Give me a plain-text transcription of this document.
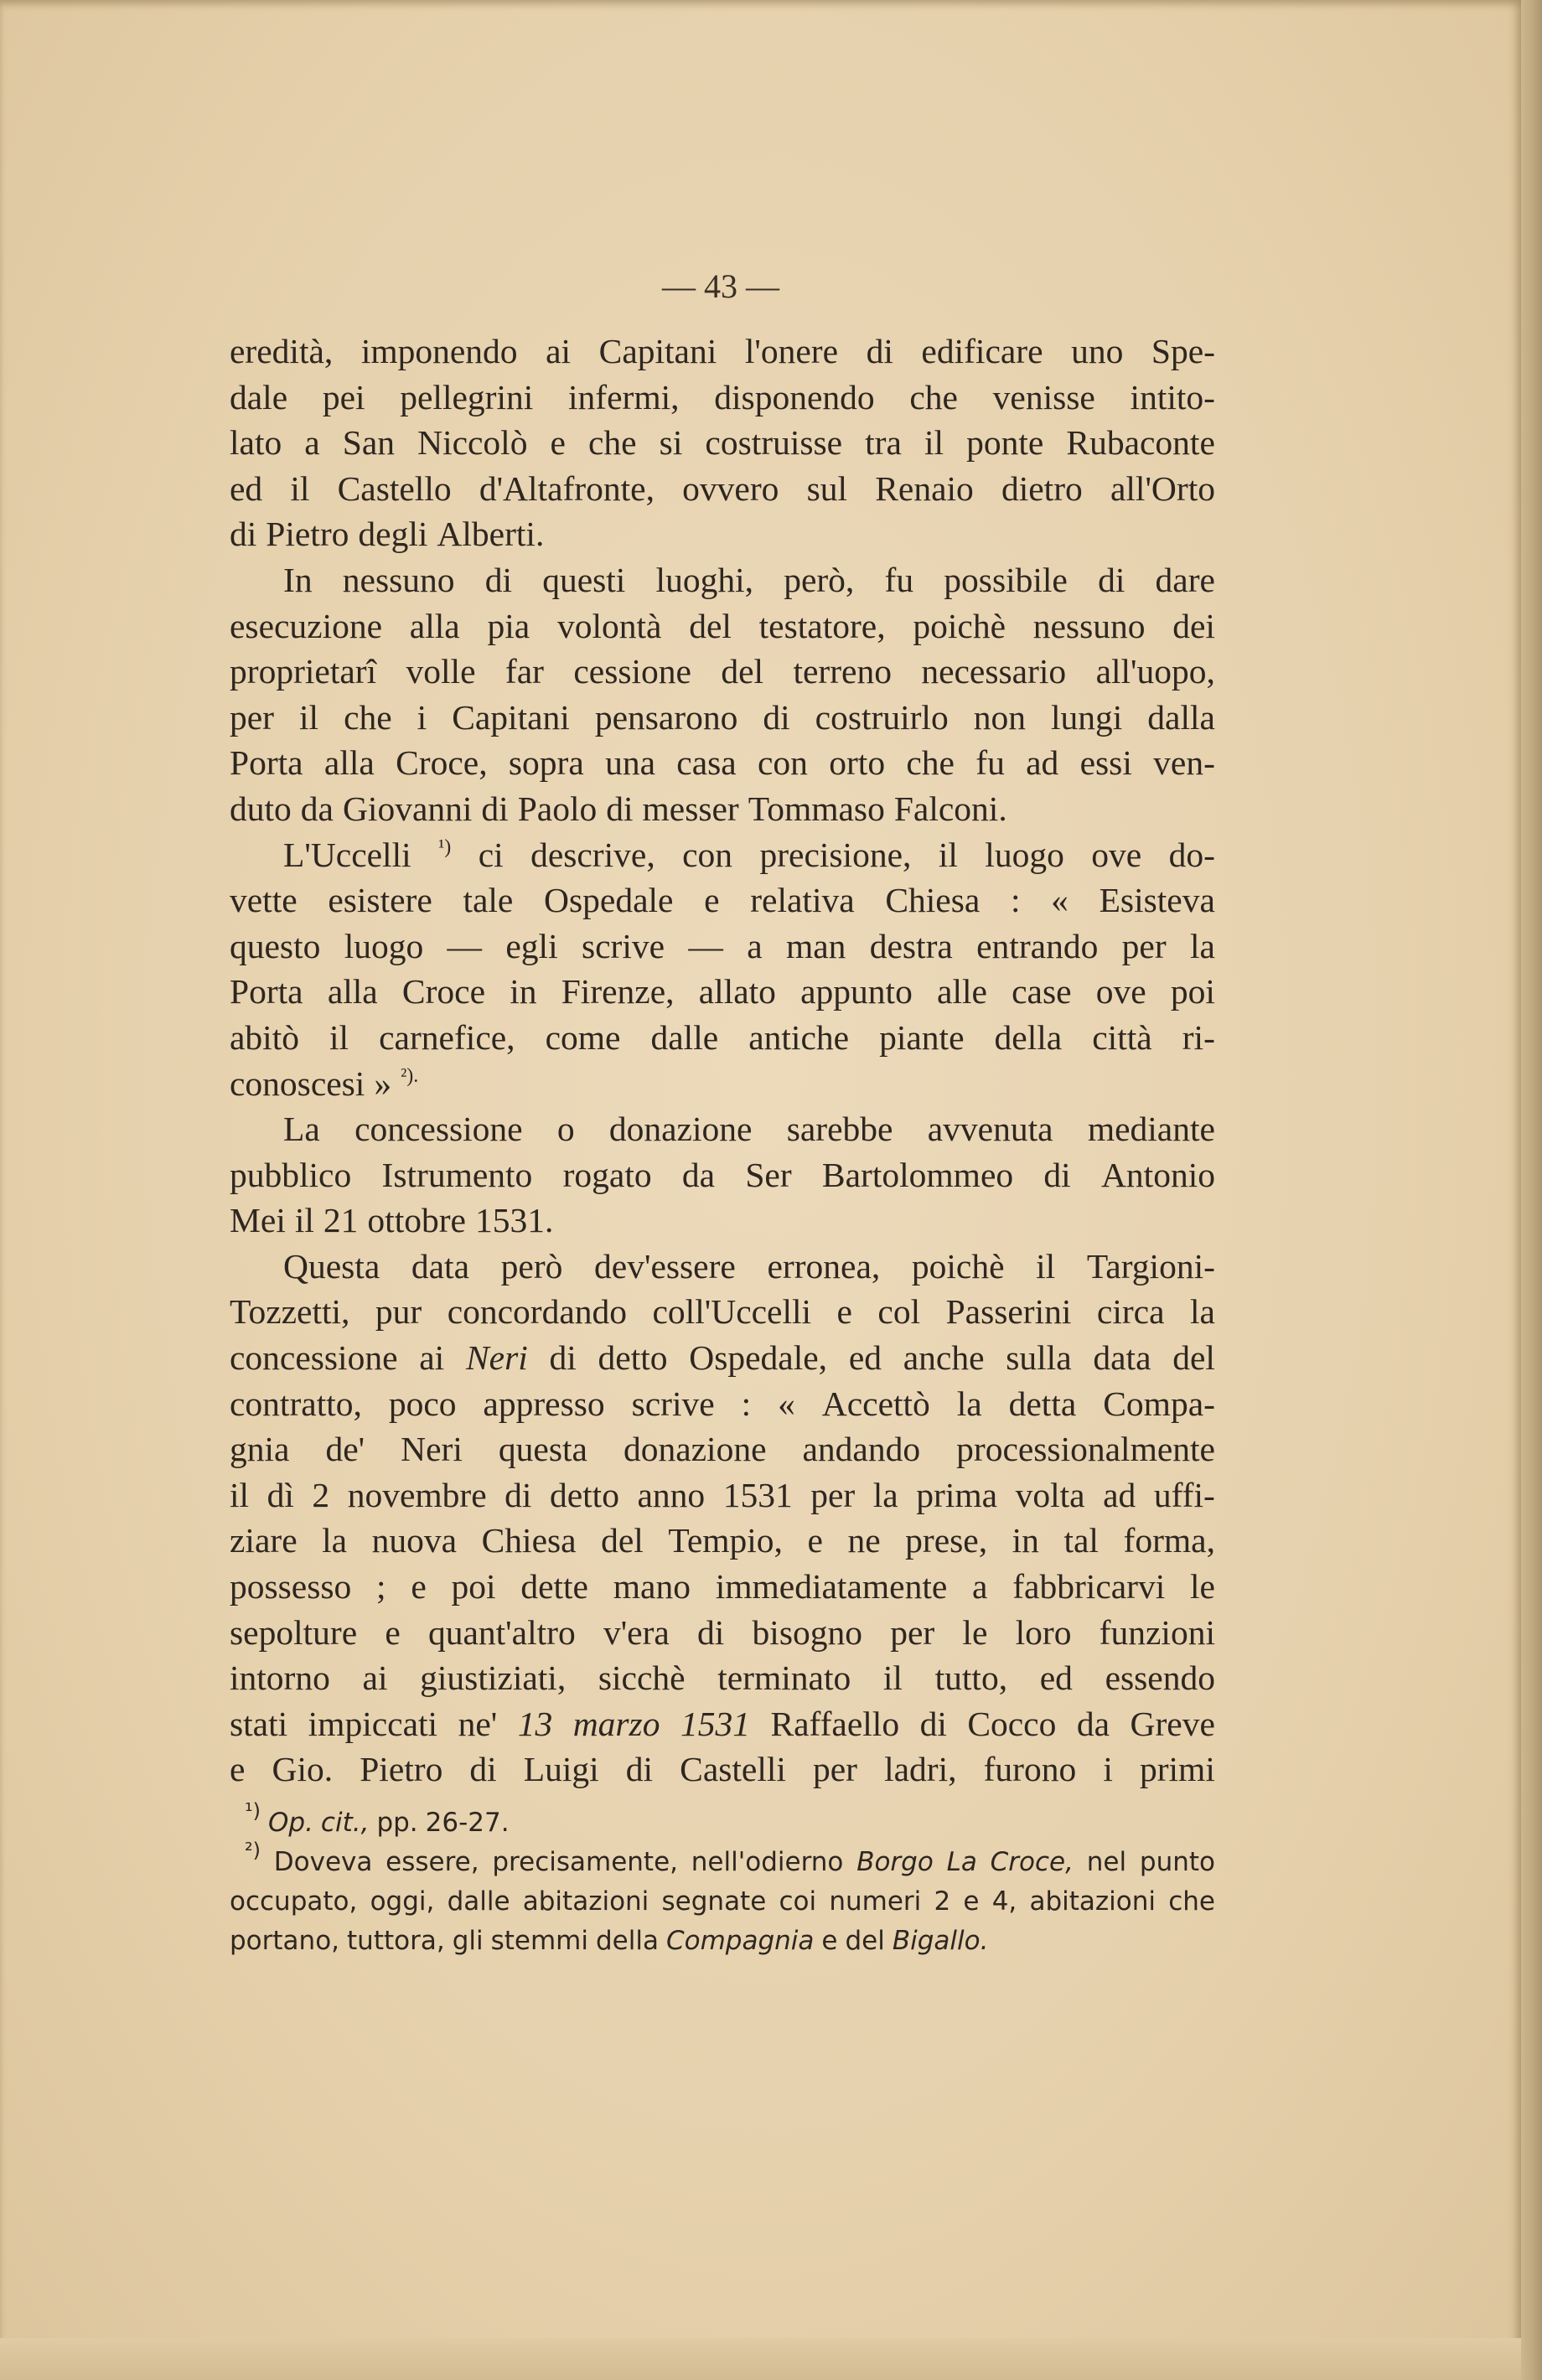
— 43 —
eredità, imponendo ai Capitani l'onere di edificare uno Spe-
dale pei pellegrini infermi, disponendo che venisse intito-
lato a San Niccolò e che si costruisse tra il ponte Rubaconte
ed il Castello d'Altafronte, ovvero sul Renaio dietro all'Orto
di Pietro degli Alberti.
In nessuno di questi luoghi, però, fu possibile di dare
esecuzione alla pia volontà del testatore, poichè nessuno dei
proprietarî volle far cessione del terreno necessario all'uopo,
per il che i Capitani pensarono di costruirlo non lungi dalla
Porta alla Croce, sopra una casa con orto che fu ad essi ven-
duto da Giovanni di Paolo di messer Tommaso Falconi.
L'Uccelli $^{^1)}$ ci descrive, con precisione, il luogo ove do-
vette esistere tale Ospedale e relativa Chiesa : « Esisteva
questo luogo — egli scrive — a man destra entrando per la
Porta alla Croce in Firenze, allato appunto alle case ove poi
abitò il carnefice, come dalle antiche piante della città ri-
conoscesi » $^{^2).}$
La concessione o donazione sarebbe avvenuta mediante
pubblico Istrumento rogato da Ser Bartolommeo di Antonio
Mei il 21 ottobre 1531.
Questa data però dev'essere erronea, poichè il Targioni-
Tozzetti, pur concordando coll'Uccelli e col Passerini circa la
concessione ai Neri di detto Ospedale, ed anche sulla data del
contratto, poco appresso scrive : « Accettò la detta Compa-
gnia de' Neri questa donazione andando processionalmente
il dì 2 novembre di detto anno 1531 per la prima volta ad uffi-
ziare la nuova Chiesa del Tempio, e ne prese, in tal forma,
possesso ; e poi dette mano immediatamente a fabbricarvi le
sepolture e quant'altro v'era di bisogno per le loro funzioni
intorno ai giustiziati, sicchè terminato il tutto, ed essendo
stati impiccati ne' 13 marzo 1531 Raffaello di Cocco da Greve
e Gio. Pietro di Luigi di Castelli per ladri, furono i primi
$^{^1)}$ Op. cit., pp. 26-27.
$^{^2)}$ Doveva essere, precisamente, nell'odierno Borgo La Croce, nel punto
occupato, oggi, dalle abitazioni segnate coi numeri 2 e 4, abitazioni che
portano, tuttora, gli stemmi della Compagnia e del Bigallo.
